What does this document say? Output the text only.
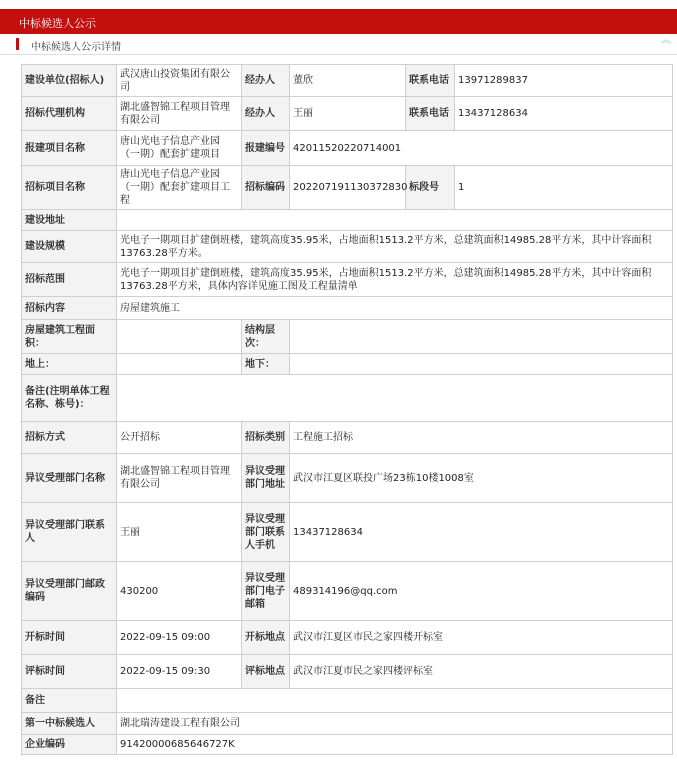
中标候选人公示
中标候选人公示详情
︽
建设单位(招标人)	武汉唐山投资集团有限公司	经办人	董欣	联系电话	13971289837
招标代理机构	湖北盛智锦工程项目管理有限公司	经办人	王丽	联系电话	13437128634
报建项目名称	唐山光电子信息产业园（一期）配套扩建项目	报建编号	42011520220714001		
招标项目名称	唐山光电子信息产业园（一期）配套扩建项目工程	招标编码	202207191130372830	标段号	1
建设地址					
建设规模	光电子一期项目扩建倒班楼，建筑高度35.95米，占地面积1513.2平方米，总建筑面积14985.28平方米，其中计容面积13763.28平方米。				
招标范围	光电子一期项目扩建倒班楼，建筑高度35.95米，占地面积1513.2平方米，总建筑面积14985.28平方米，其中计容面积13763.28平方米，具体内容详见施工图及工程量清单				
招标内容	房屋建筑施工				
房屋建筑工程面积：		结构层次：			
地上：		地下：			
备注(注明单体工程名称、栋号)：					
招标方式	公开招标	招标类别	工程施工招标		
异议受理部门名称	湖北盛智锦工程项目管理有限公司	异议受理部门地址	武汉市江夏区联投广场23栋10楼1008室		
异议受理部门联系人	王丽	异议受理部门联系人手机	13437128634		
异议受理部门邮政编码	430200	异议受理部门电子邮箱	489314196@qq.com		
开标时间	2022-09-15 09:00	开标地点	武汉市江夏区市民之家四楼开标室		
评标时间	2022-09-15 09:30	评标地点	武汉市江夏市民之家四楼评标室		
备注					
第一中标候选人	湖北瑞涛建设工程有限公司				
企业编码	91420000685646727K				
